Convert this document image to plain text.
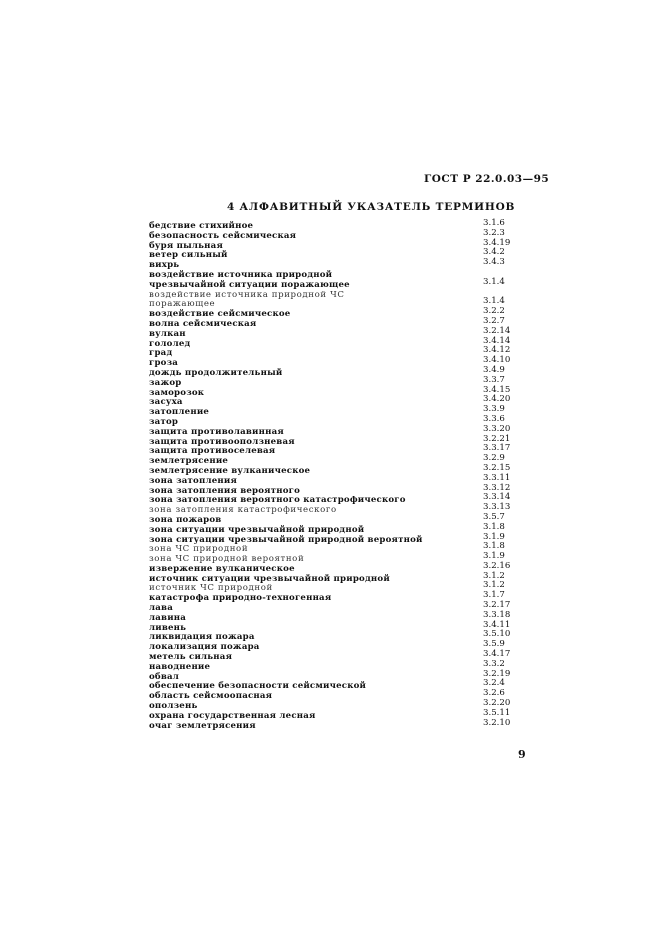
ГОСТ Р 22.0.03—95
4 АЛФАВИТНЫЙ УКАЗАТЕЛЬ ТЕРМИНОВ
бедствие стихийное	3.1.6
безопасность сейсмическая	3.2.3
буря пыльная	3.4.19
ветер сильный	3.4.2
вихрь	3.4.3
воздействие источника природной
чрезвычайной ситуации поражающее	3.1.4
воздействие источника природной ЧС
поражающее	3.1.4
воздействие сейсмическое	3.2.2
волна сейсмическая	3.2.7
вулкан	3.2.14
гололед	3.4.14
град	3.4.12
гроза	3.4.10
дождь продолжительный	3.4.9
зажор	3.3.7
заморозок	3.4.15
засуха	3.4.20
затопление	3.3.9
затор	3.3.6
защита противолавинная	3.3.20
защита противооползневая	3.2.21
защита противоселевая	3.3.17
землетрясение	3.2.9
землетрясение вулканическое	3.2.15
зона затопления	3.3.11
зона затопления вероятного	3.3.12
зона затопления вероятного катастрофического	3.3.14
зона затопления катастрофического	3.3.13
зона пожаров	3.5.7
зона ситуации чрезвычайной природной	3.1.8
зона ситуации чрезвычайной природной вероятной	3.1.9
зона ЧС природной	3.1.8
зона ЧС природной вероятной	3.1.9
извержение вулканическое	3.2.16
источник ситуации чрезвычайной природной	3.1.2
источник ЧС природной	3.1.2
катастрофа природно-техногенная	3.1.7
лава	3.2.17
лавина	3.3.18
ливень	3.4.11
ликвидация пожара	3.5.10
локализация пожара	3.5.9
метель сильная	3.4.17
наводнение	3.3.2
обвал	3.2.19
обеспечение безопасности сейсмической	3.2.4
область сейсмоопасная	3.2.6
оползень	3.2.20
охрана государственная лесная	3.5.11
очаг землетрясения	3.2.10
9
